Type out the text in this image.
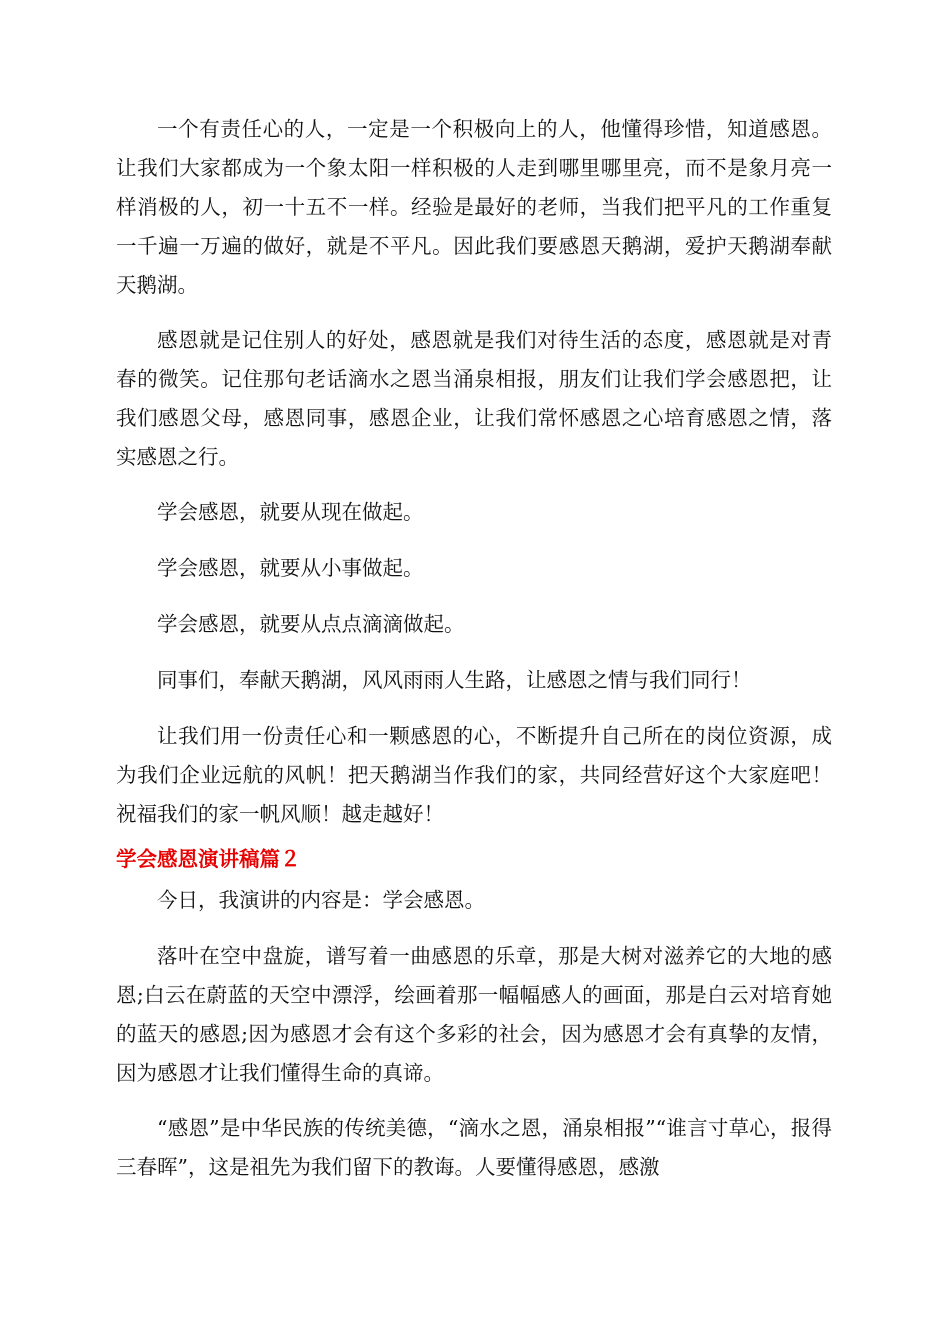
一个有责任心的人，一定是一个积极向上的人，他懂得珍惜，知道感恩。让我们大家都成为一个象太阳一样积极的人走到哪里哪里亮，而不是象月亮一样消极的人，初一十五不一样。经验是最好的老师，当我们把平凡的工作重复一千遍一万遍的做好，就是不平凡。因此我们要感恩天鹅湖，爱护天鹅湖奉献天鹅湖。

感恩就是记住别人的好处，感恩就是我们对待生活的态度，感恩就是对青春的微笑。记住那句老话滴水之恩当涌泉相报，朋友们让我们学会感恩把，让我们感恩父母，感恩同事，感恩企业，让我们常怀感恩之心培育感恩之情，落实感恩之行。

学会感恩，就要从现在做起。

学会感恩，就要从小事做起。

学会感恩，就要从点点滴滴做起。

同事们，奉献天鹅湖，风风雨雨人生路，让感恩之情与我们同行！

让我们用一份责任心和一颗感恩的心，不断提升自己所在的岗位资源，成为我们企业远航的风帆！把天鹅湖当作我们的家，共同经营好这个大家庭吧！祝福我们的家一帆风顺！越走越好！

学会感恩演讲稿篇２

今日，我演讲的内容是：学会感恩。

落叶在空中盘旋，谱写着一曲感恩的乐章，那是大树对滋养它的大地的感恩;白云在蔚蓝的天空中漂浮，绘画着那一幅幅感人的画面，那是白云对培育她的蓝天的感恩;因为感恩才会有这个多彩的社会，因为感恩才会有真挚的友情，因为感恩才让我们懂得生命的真谛。

“感恩”是中华民族的传统美德，“滴水之恩，涌泉相报”“谁言寸草心，报得三春晖”，这是祖先为我们留下的教诲。人要懂得感恩，感激
